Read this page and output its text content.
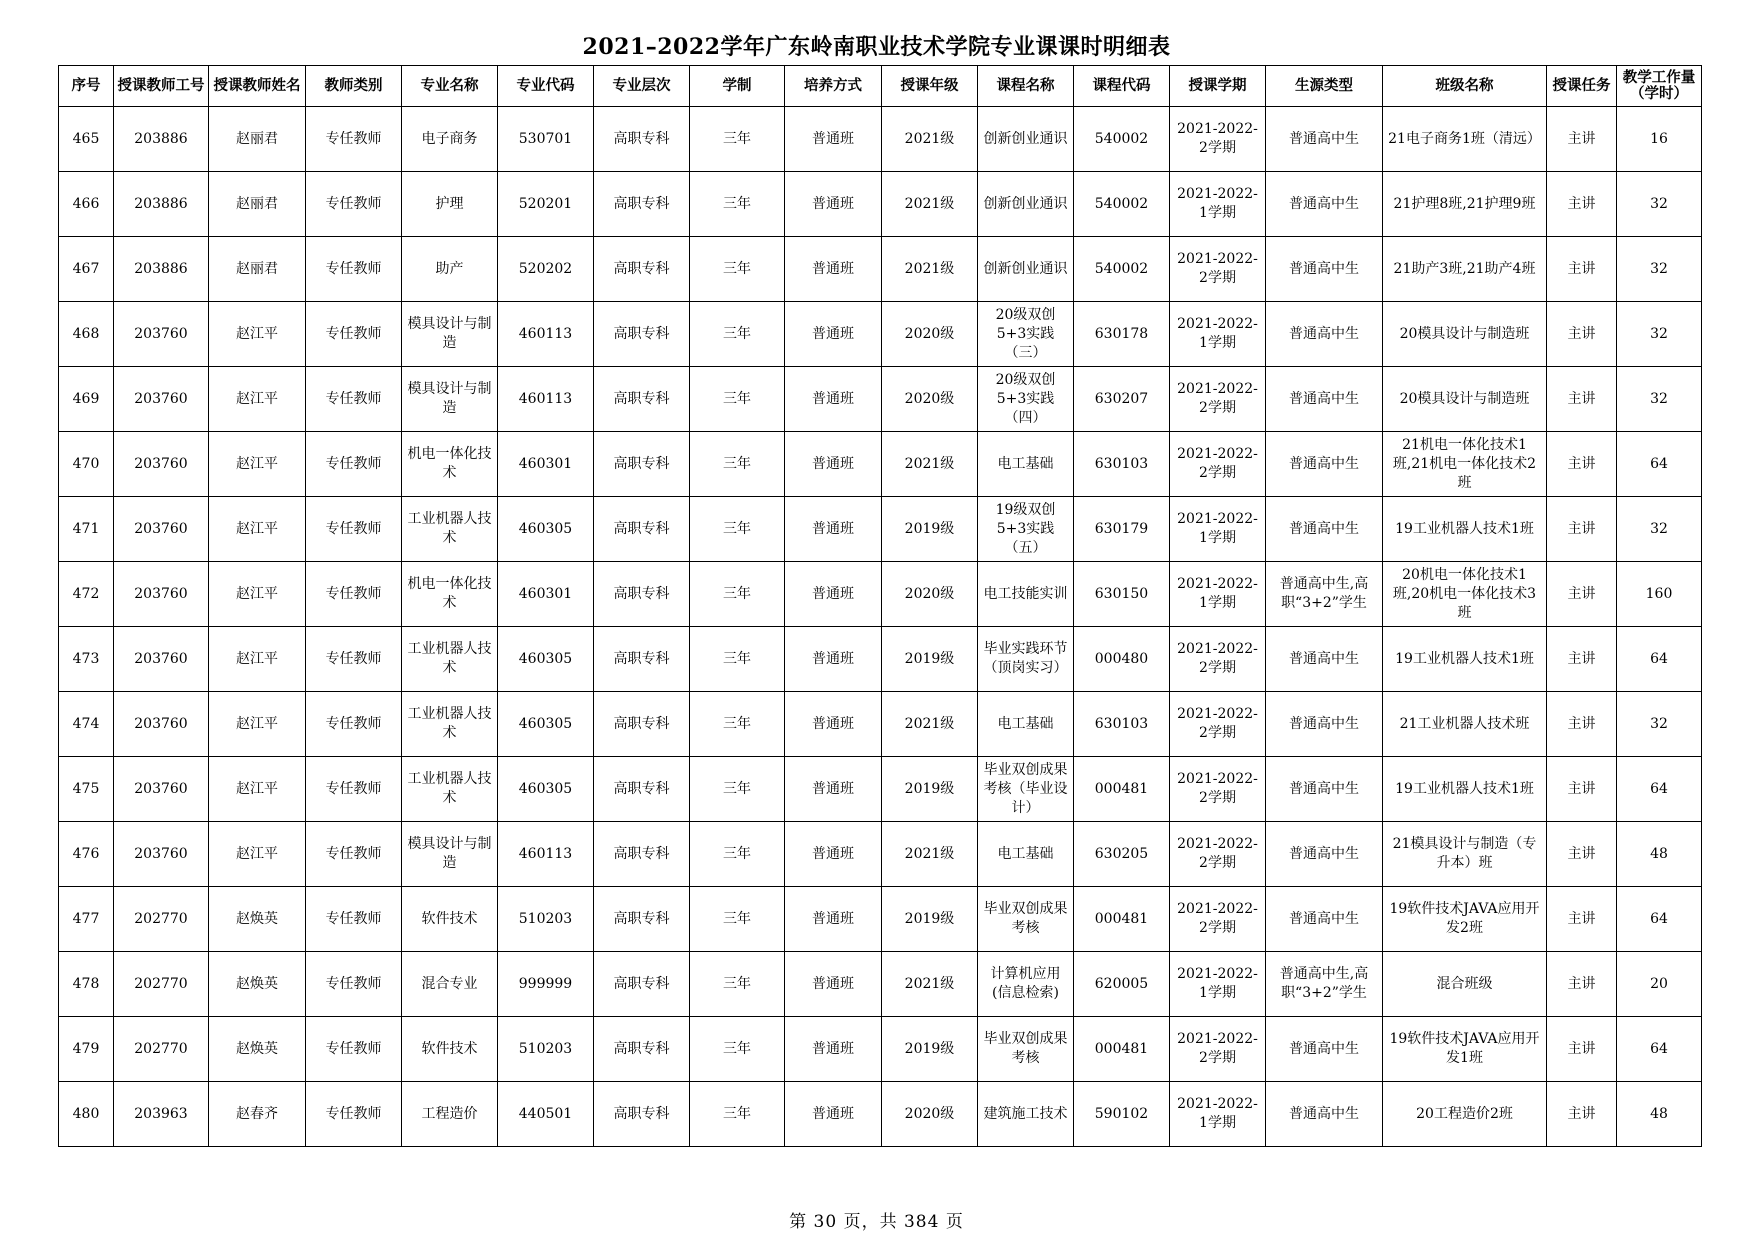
2021–2022学年广东岭南职业技术学院专业课课时明细表
序号	授课教师工号	授课教师姓名	教师类别	专业名称	专业代码	专业层次	学制	培养方式	授课年级	课程名称	课程代码	授课学期	生源类型	班级名称	授课任务	教学工作量（学时）
465	203886	赵丽君	专任教师	电子商务	530701	高职专科	三年	普通班	2021级	创新创业通识	540002	2021-2022-2学期	普通高中生	21电子商务1班（清远）	主讲	16
466	203886	赵丽君	专任教师	护理	520201	高职专科	三年	普通班	2021级	创新创业通识	540002	2021-2022-1学期	普通高中生	21护理8班,21护理9班	主讲	32
467	203886	赵丽君	专任教师	助产	520202	高职专科	三年	普通班	2021级	创新创业通识	540002	2021-2022-2学期	普通高中生	21助产3班,21助产4班	主讲	32
468	203760	赵江平	专任教师	模具设计与制造	460113	高职专科	三年	普通班	2020级	20级双创5+3实践（三）	630178	2021-2022-1学期	普通高中生	20模具设计与制造班	主讲	32
469	203760	赵江平	专任教师	模具设计与制造	460113	高职专科	三年	普通班	2020级	20级双创5+3实践（四）	630207	2021-2022-2学期	普通高中生	20模具设计与制造班	主讲	32
470	203760	赵江平	专任教师	机电一体化技术	460301	高职专科	三年	普通班	2021级	电工基础	630103	2021-2022-2学期	普通高中生	21机电一体化技术1班,21机电一体化技术2班	主讲	64
471	203760	赵江平	专任教师	工业机器人技术	460305	高职专科	三年	普通班	2019级	19级双创5+3实践（五）	630179	2021-2022-1学期	普通高中生	19工业机器人技术1班	主讲	32
472	203760	赵江平	专任教师	机电一体化技术	460301	高职专科	三年	普通班	2020级	电工技能实训	630150	2021-2022-1学期	普通高中生,高职“3+2”学生	20机电一体化技术1班,20机电一体化技术3班	主讲	160
473	203760	赵江平	专任教师	工业机器人技术	460305	高职专科	三年	普通班	2019级	毕业实践环节（顶岗实习）	000480	2021-2022-2学期	普通高中生	19工业机器人技术1班	主讲	64
474	203760	赵江平	专任教师	工业机器人技术	460305	高职专科	三年	普通班	2021级	电工基础	630103	2021-2022-2学期	普通高中生	21工业机器人技术班	主讲	32
475	203760	赵江平	专任教师	工业机器人技术	460305	高职专科	三年	普通班	2019级	毕业双创成果考核（毕业设计）	000481	2021-2022-2学期	普通高中生	19工业机器人技术1班	主讲	64
476	203760	赵江平	专任教师	模具设计与制造	460113	高职专科	三年	普通班	2021级	电工基础	630205	2021-2022-2学期	普通高中生	21模具设计与制造（专升本）班	主讲	48
477	202770	赵焕英	专任教师	软件技术	510203	高职专科	三年	普通班	2019级	毕业双创成果考核	000481	2021-2022-2学期	普通高中生	19软件技术JAVA应用开发2班	主讲	64
478	202770	赵焕英	专任教师	混合专业	999999	高职专科	三年	普通班	2021级	计算机应用(信息检索)	620005	2021-2022-1学期	普通高中生,高职“3+2”学生	混合班级	主讲	20
479	202770	赵焕英	专任教师	软件技术	510203	高职专科	三年	普通班	2019级	毕业双创成果考核	000481	2021-2022-2学期	普通高中生	19软件技术JAVA应用开发1班	主讲	64
480	203963	赵春齐	专任教师	工程造价	440501	高职专科	三年	普通班	2020级	建筑施工技术	590102	2021-2022-1学期	普通高中生	20工程造价2班	主讲	48
第 30 页，共 384 页
